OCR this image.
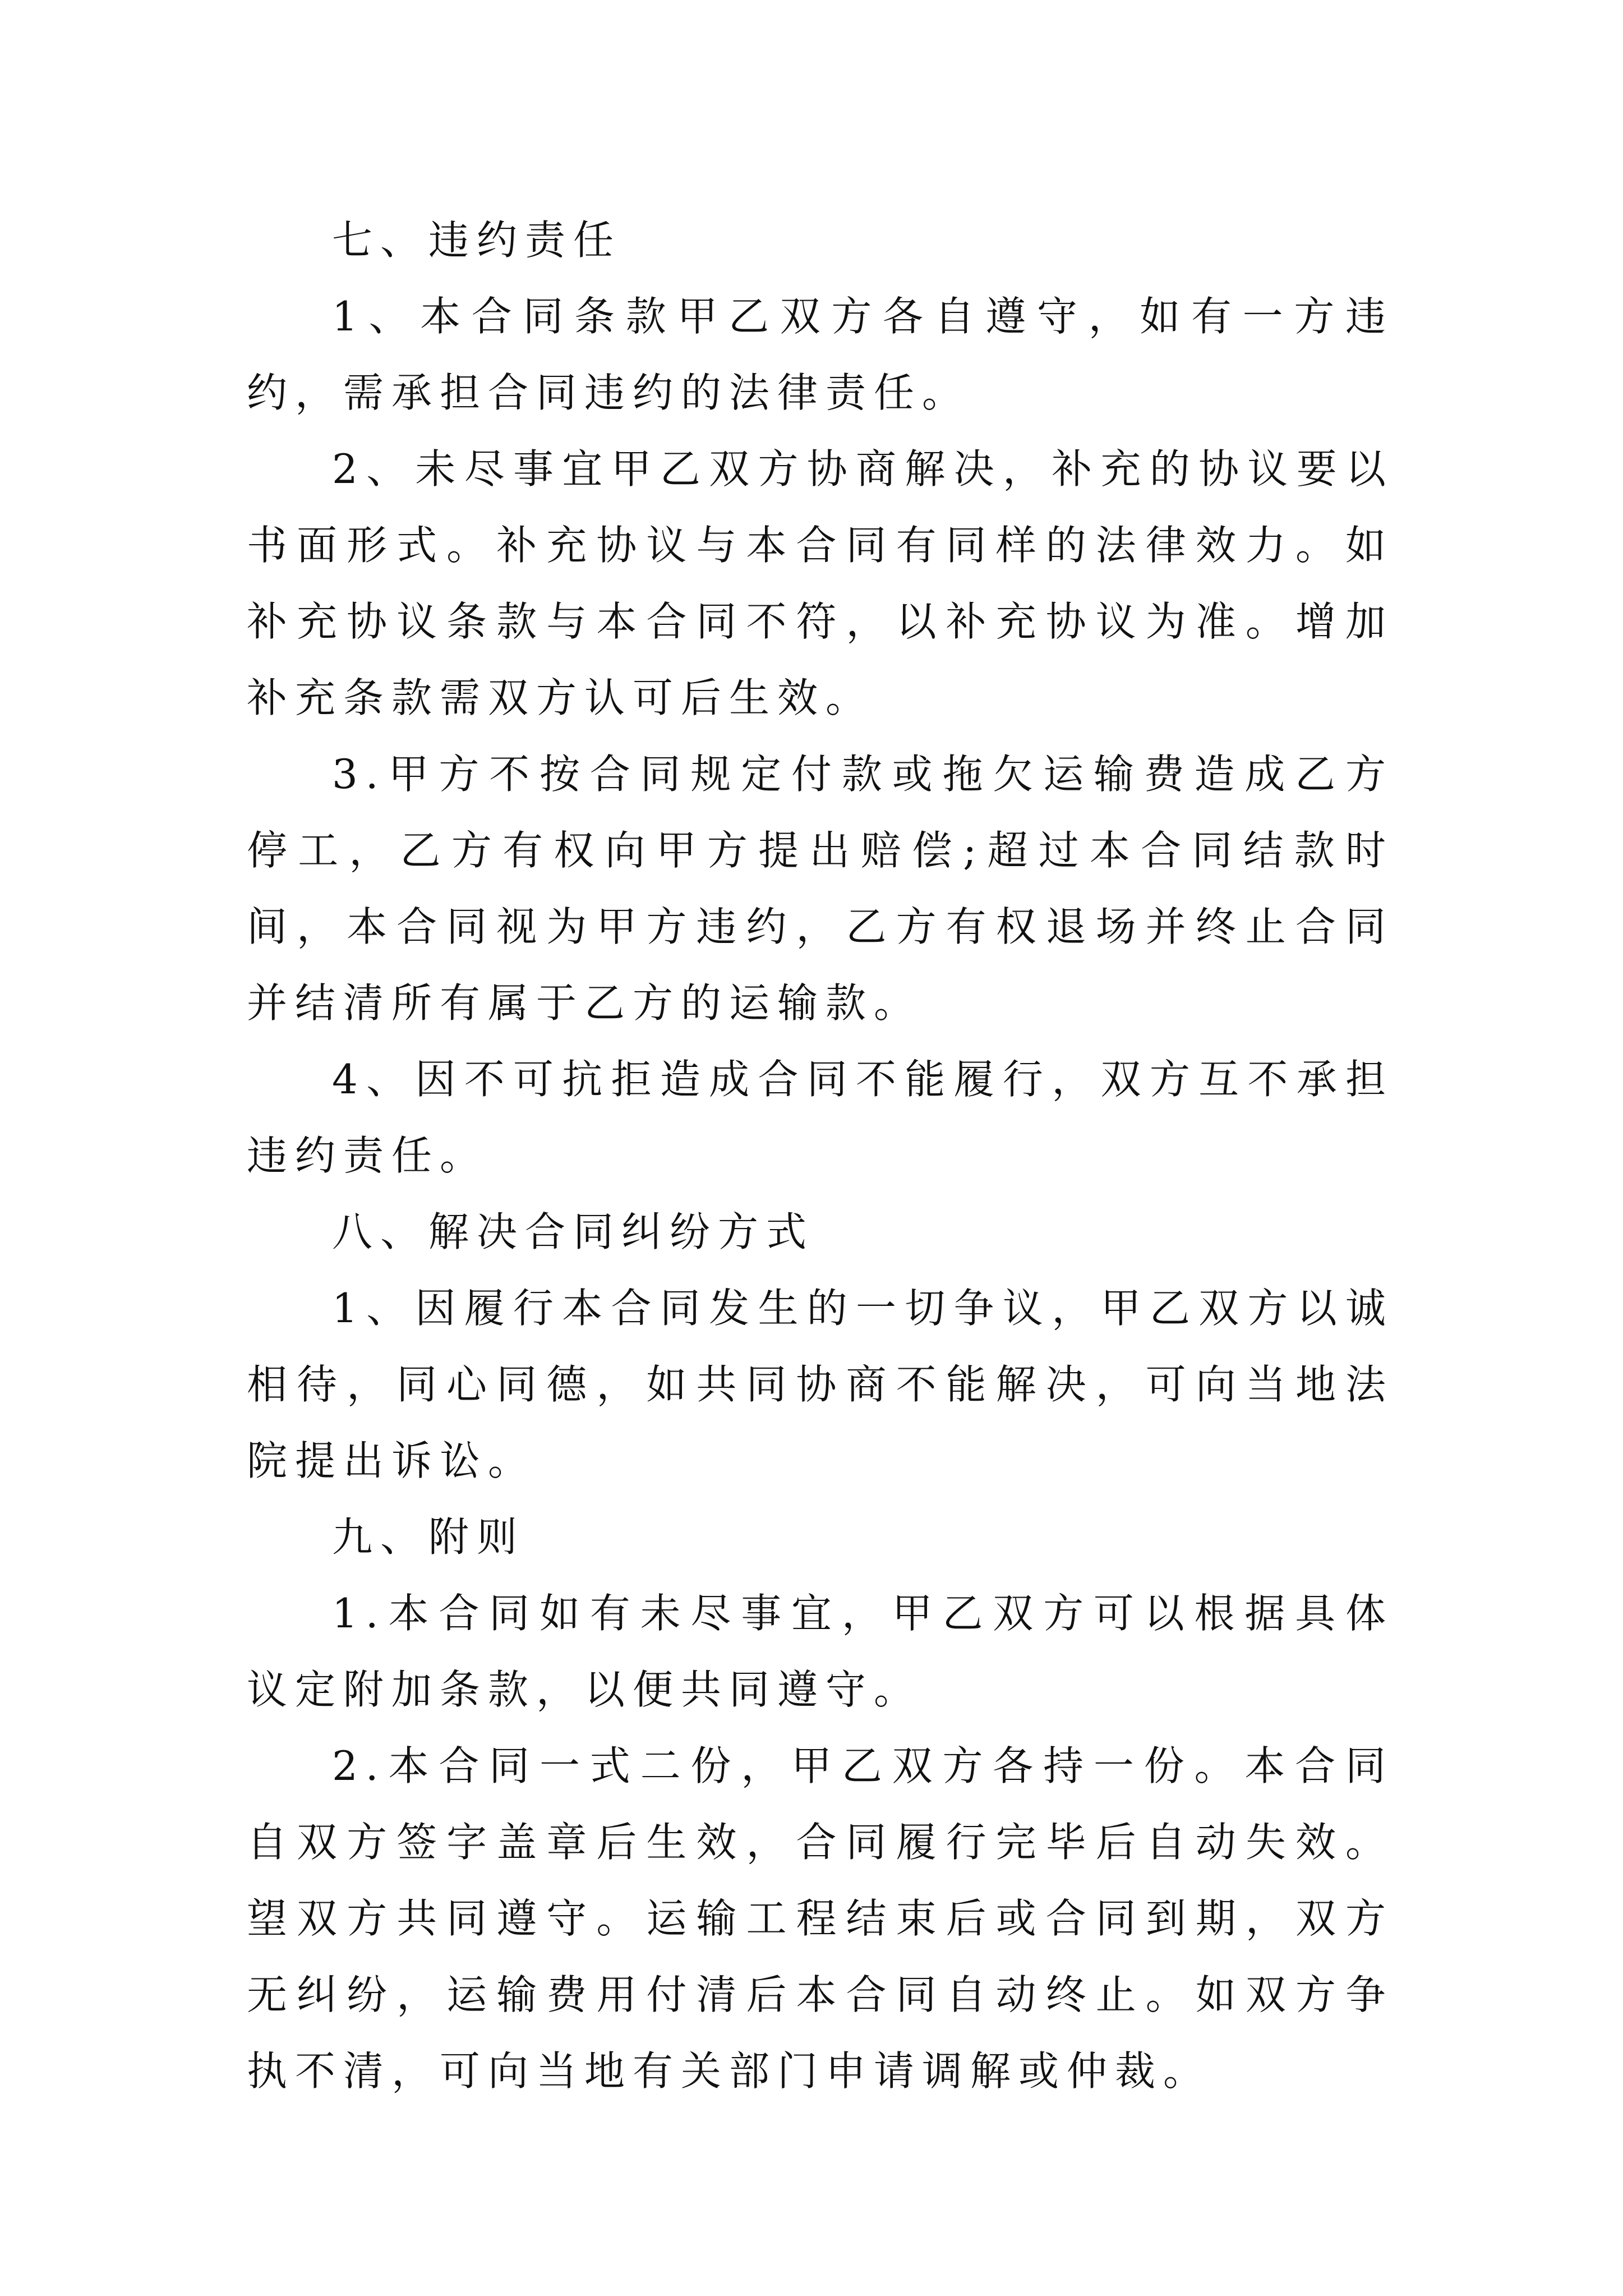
七、违约责任

1、本合同条款甲乙双方各自遵守，如有一方违约，需承担合同违约的法律责任。

2、未尽事宜甲乙双方协商解决，补充的协议要以书面形式。补充协议与本合同有同样的法律效力。如补充协议条款与本合同不符，以补充协议为准。增加补充条款需双方认可后生效。

3.甲方不按合同规定付款或拖欠运输费造成乙方停工，乙方有权向甲方提出赔偿;超过本合同结款时间，本合同视为甲方违约，乙方有权退场并终止合同并结清所有属于乙方的运输款。

4、因不可抗拒造成合同不能履行，双方互不承担违约责任。

八、解决合同纠纷方式

1、因履行本合同发生的一切争议，甲乙双方以诚相待，同心同德，如共同协商不能解决，可向当地法院提出诉讼。

九、附则

1.本合同如有未尽事宜，甲乙双方可以根据具体议定附加条款，以便共同遵守。

2.本合同一式二份，甲乙双方各持一份。本合同自双方签字盖章后生效，合同履行完毕后自动失效。望双方共同遵守。运输工程结束后或合同到期，双方无纠纷，运输费用付清后本合同自动终止。如双方争执不清，可向当地有关部门申请调解或仲裁。
